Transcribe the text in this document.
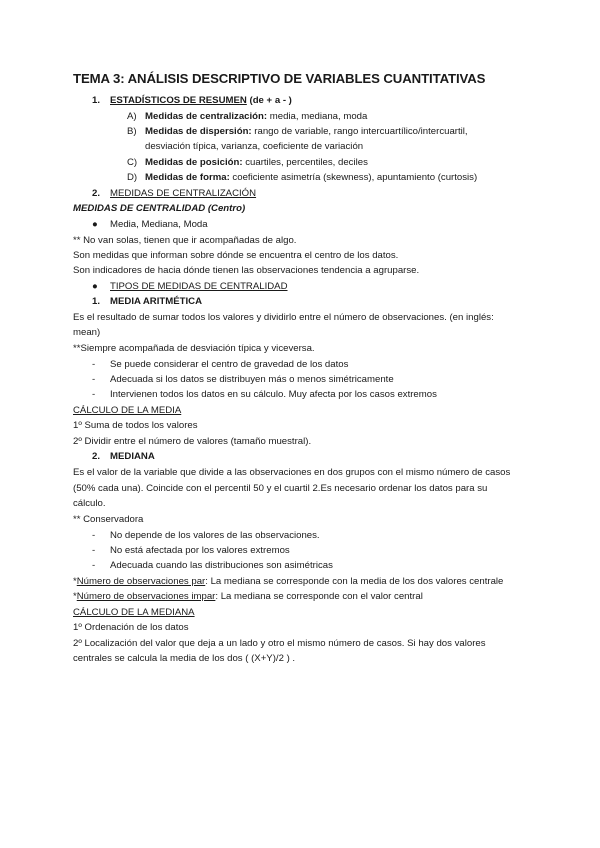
TEMA 3: ANÁLISIS DESCRIPTIVO DE VARIABLES CUANTITATIVAS
1. ESTADÍSTICOS DE RESUMEN (de + a - )
A) Medidas de centralización: media, mediana, moda
B) Medidas de dispersión: rango de variable, rango intercuartílico/intercuartil,
desviación típica, varianza, coeficiente de variación
C) Medidas de posición: cuartiles, percentiles, deciles
D) Medidas de forma: coeficiente asimetría (skewness), apuntamiento (curtosis)
2. MEDIDAS DE CENTRALIZACIÓN
MEDIDAS DE CENTRALIDAD (Centro)
● Media, Mediana, Moda
** No van solas, tienen que ir acompañadas de algo.
Son medidas que informan sobre dónde se encuentra el centro de los datos.
Son indicadores de hacia dónde tienen las observaciones tendencia a agruparse.
● TIPOS DE MEDIDAS DE CENTRALIDAD
1. MEDIA ARITMÉTICA
Es el resultado de sumar todos los valores y dividirlo entre el número de observaciones. (en inglés:
mean)
**Siempre acompañada de desviación típica y viceversa.
- Se puede considerar el centro de gravedad de los datos
- Adecuada si los datos se distribuyen más o menos simétricamente
- Intervienen todos los datos en su cálculo. Muy afecta por los casos extremos
CÁLCULO DE LA MEDIA
1º Suma de todos los valores
2º Dividir entre el número de valores (tamaño muestral).
2. MEDIANA
Es el valor de la variable que divide a las observaciones en dos grupos con el mismo número de casos
(50% cada una). Coincide con el percentil 50 y el cuartil 2.Es necesario ordenar los datos para su
cálculo.
** Conservadora
- No depende de los valores de las observaciones.
- No está afectada por los valores extremos
- Adecuada cuando las distribuciones son asimétricas
*Número de observaciones par: La mediana se corresponde con la media de los dos valores centrale
*Número de observaciones impar: La mediana se corresponde con el valor central
CÁLCULO DE LA MEDIANA
1º Ordenación de los datos
2º Localización del valor que deja a un lado y otro el mismo número de casos. Si hay dos valores
centrales se calcula la media de los dos ( (X+Y)/2 ) .
